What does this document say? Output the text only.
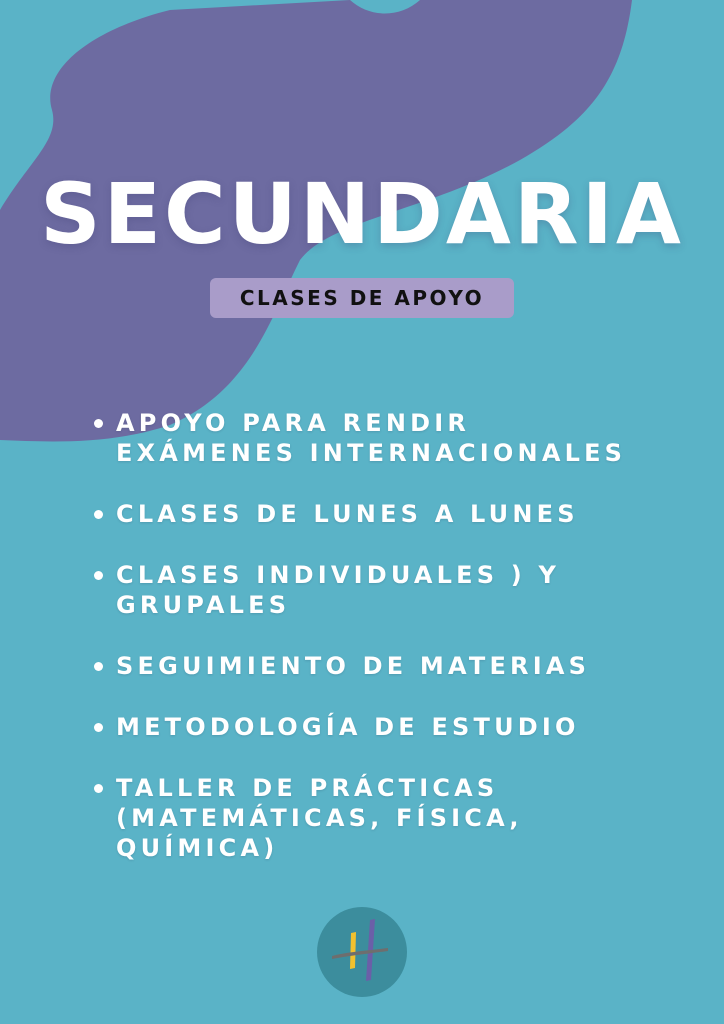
SECUNDARIA
CLASES DE APOYO
APOYO PARA RENDIR
EXÁMENES INTERNACIONALES
CLASES DE LUNES A LUNES
CLASES INDIVIDUALES ) Y
GRUPALES
SEGUIMIENTO DE MATERIAS
METODOLOGÍA DE ESTUDIO
TALLER DE PRÁCTICAS
(MATEMÁTICAS, FÍSICA,
QUÍMICA)
